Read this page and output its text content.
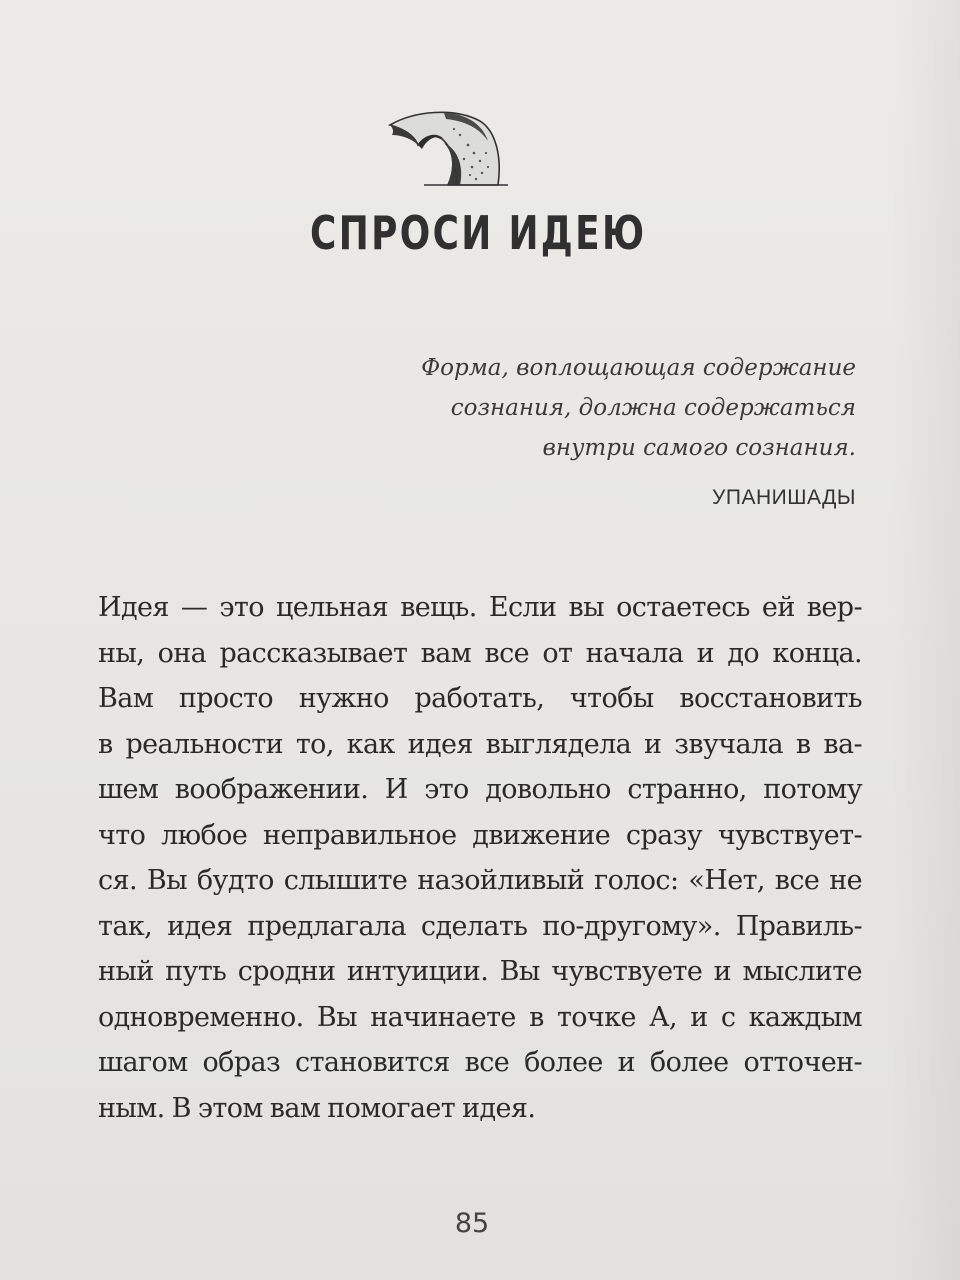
СПРОСИ ИДЕЮ
Форма, воплощающая содержание
сознания, должна содержаться
внутри самого сознания.
УПАНИШАДЫ
Идея — это цельная вещь. Если вы остаетесь ей вер-
ны, она рассказывает вам все от начала и до конца.
Вам просто нужно работать, чтобы восстановить
в реальности то, как идея выглядела и звучала в ва-
шем воображении. И это довольно странно, потому
что любое неправильное движение сразу чувствует-
ся. Вы будто слышите назойливый голос: «Нет, все не
так, идея предлагала сделать по-другому». Правиль-
ный путь сродни интуиции. Вы чувствуете и мыслите
одновременно. Вы начинаете в точке А, и с каждым
шагом образ становится все более и более отточен-
ным. В этом вам помогает идея.
85
